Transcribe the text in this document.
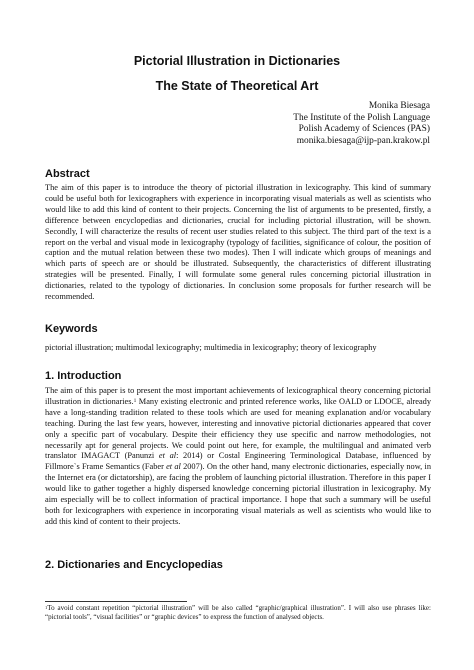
Pictorial Illustration in Dictionaries
The State of Theoretical Art
Monika Biesaga
The Institute of the Polish Language
Polish Academy of Sciences (PAS)
monika.biesaga@ijp-pan.krakow.pl
Abstract
The aim of this paper is to introduce the theory of pictorial illustration in lexicography. This kind of summary could be useful both for lexicographers with experience in incorporating visual materials as well as scientists who would like to add this kind of content to their projects. Concerning the list of arguments to be presented, firstly, a difference between encyclopedias and dictionaries, crucial for including pictorial illustration, will be shown. Secondly, I will characterize the results of recent user studies related to this subject. The third part of the text is a report on the verbal and visual mode in lexicography (typology of facilities, significance of colour, the position of caption and the mutual relation between these two modes). Then I will indicate which groups of meanings and which parts of speech are or should be illustrated. Subsequently, the characteristics of different illustrating strategies will be presented. Finally, I will formulate some general rules concerning pictorial illustration in dictionaries, related to the typology of dictionaries. In conclusion some proposals for further research will be recommended.
Keywords
pictorial illustration; multimodal lexicography; multimedia in lexicography; theory of lexicography
1. Introduction
The aim of this paper is to present the most important achievements of lexicographical theory concerning pictorial illustration in dictionaries.$^1$ Many existing electronic and printed reference works, like OALD or LDOCE, already have a long-standing tradition related to these tools which are used for meaning explanation and/or vocabulary teaching. During the last few years, however, interesting and innovative pictorial dictionaries appeared that cover only a specific part of vocabulary. Despite their efficiency they use specific and narrow methodologies, not necessarily apt for general projects. We could point out here, for example, the multilingual and animated verb translator IMAGACT (Panunzi et al: 2014) or Costal Engineering Terminological Database, influenced by Fillmore`s Frame Semantics (Faber et al 2007). On the other hand, many electronic dictionaries, especially now, in the Internet era (or dictatorship), are facing the problem of launching pictorial illustration. Therefore in this paper I would like to gather together a highly dispersed knowledge concerning pictorial illustration in lexicography. My aim especially will be to collect information of practical importance. I hope that such a summary will be useful both for lexicographers with experience in incorporating visual materials as well as scientists who would like to add this kind of content to their projects.
2. Dictionaries and Encyclopedias
$^1$To avoid constant repetition “pictorial illustration” will be also called “graphic/graphical illustration”. I will also use phrases like: “pictorial tools”, “visual facilities” or “graphic devices” to express the function of analysed objects.
